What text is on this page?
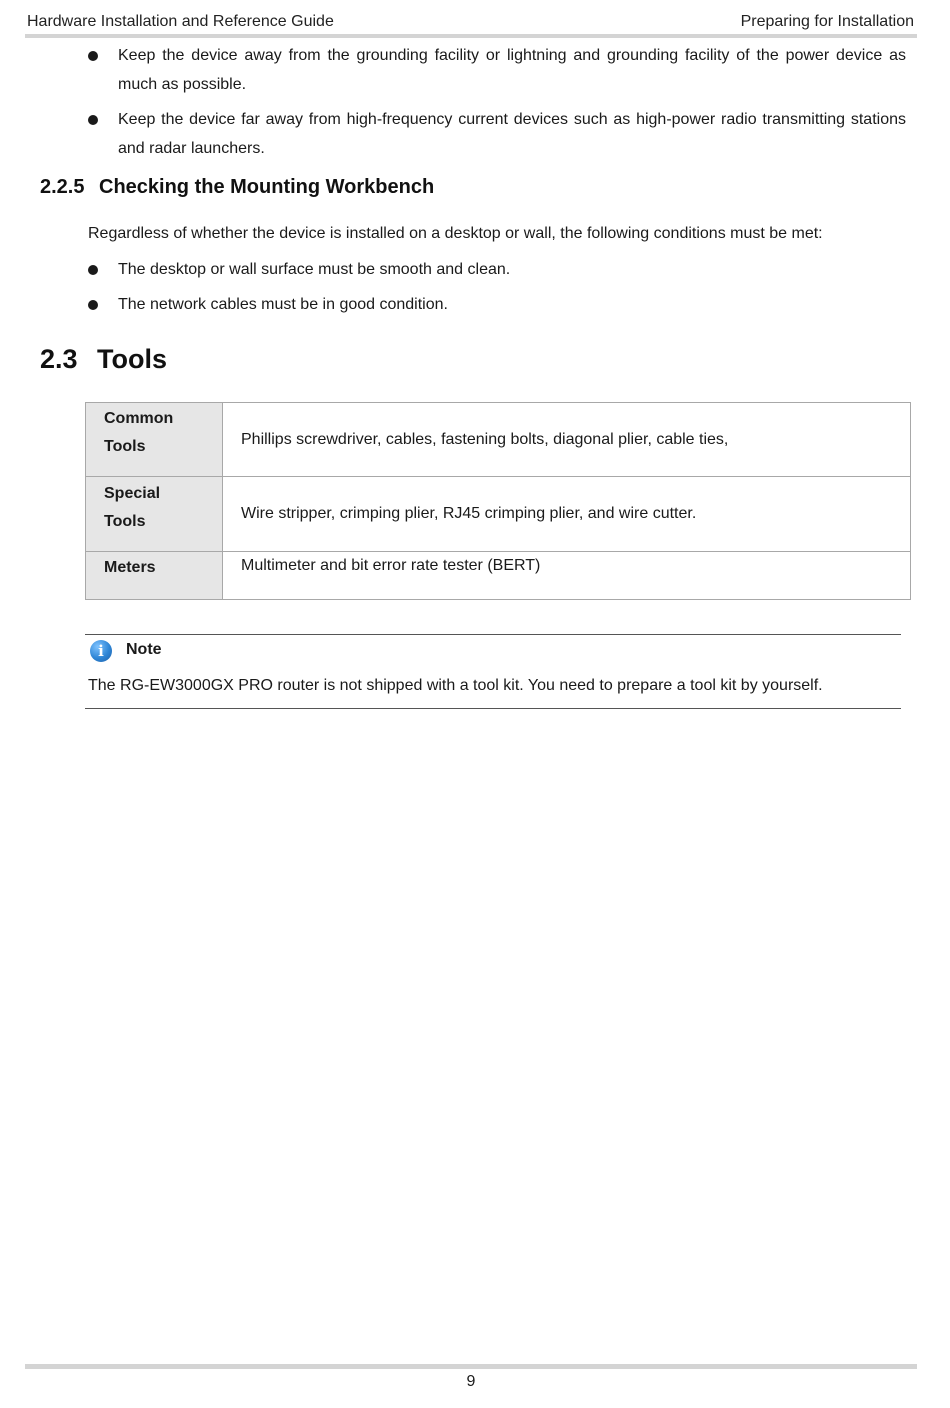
Hardware Installation and Reference Guide	Preparing for Installation
Keep the device away from the grounding facility or lightning and grounding facility of the power device as
much as possible.
Keep the device far away from high-frequency current devices such as high-power radio transmitting stations
and radar launchers.
2.2.5 Checking the Mounting Workbench
Regardless of whether the device is installed on a desktop or wall, the following conditions must be met:
The desktop or wall surface must be smooth and clean.
The network cables must be in good condition.
2.3 Tools
Common
Tools	Phillips screwdriver, cables, fastening bolts, diagonal plier, cable ties,

Special
Tools	Wire stripper, crimping plier, RJ45 crimping plier, and wire cutter.

Meters	Multimeter and bit error rate tester (BERT)
i	Note
The RG-EW3000GX PRO router is not shipped with a tool kit. You need to prepare a tool kit by yourself.
9
